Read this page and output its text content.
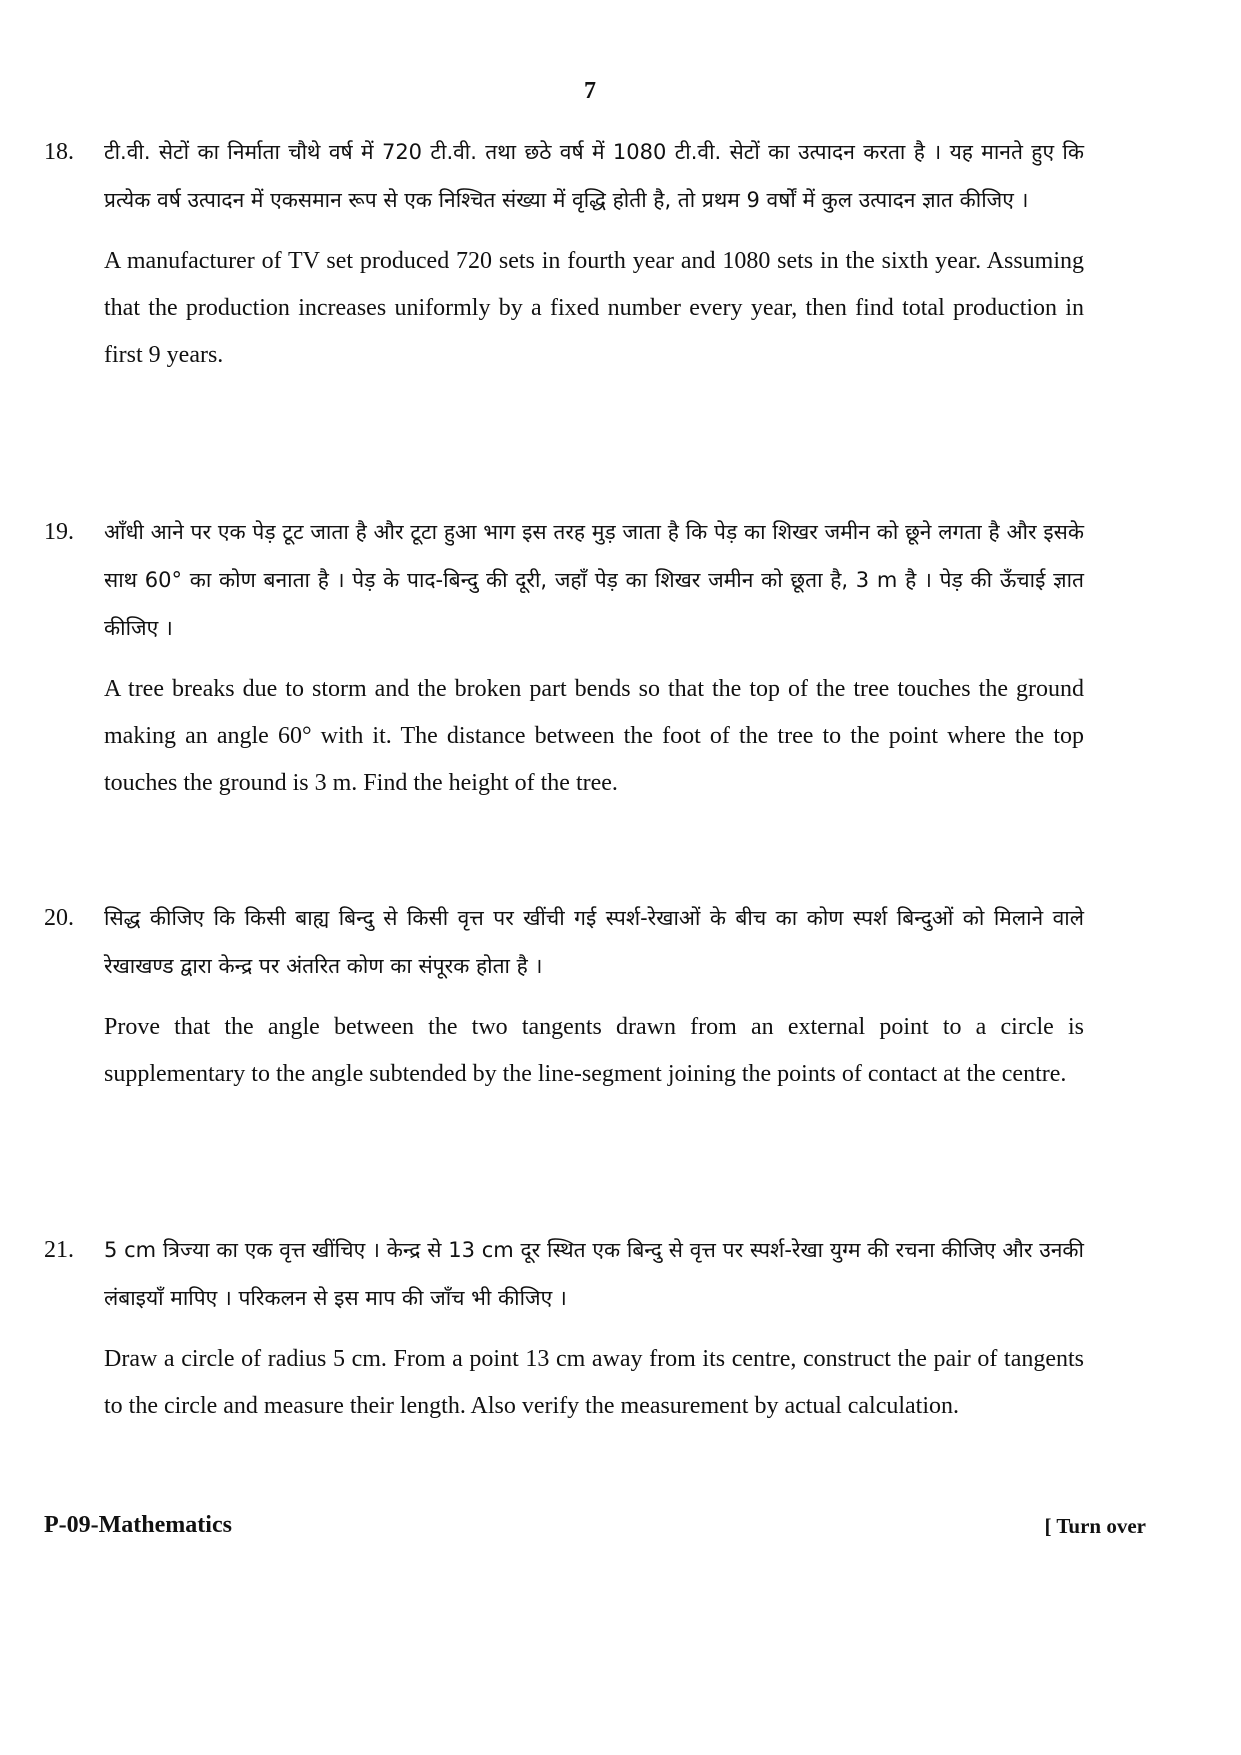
7
18. टी.वी. सेटों का निर्माता चौथे वर्ष में 720 टी.वी. तथा छठे वर्ष में 1080 टी.वी. सेटों का उत्पादन करता है । यह मानते हुए कि प्रत्येक वर्ष उत्पादन में एकसमान रूप से एक निश्चित संख्या में वृद्धि होती है, तो प्रथम 9 वर्षों में कुल उत्पादन ज्ञात कीजिए ।

A manufacturer of TV set produced 720 sets in fourth year and 1080 sets in the sixth year. Assuming that the production increases uniformly by a fixed number every year, then find total production in first 9 years.

19. आँधी आने पर एक पेड़ टूट जाता है और टूटा हुआ भाग इस तरह मुड़ जाता है कि पेड़ का शिखर जमीन को छूने लगता है और इसके साथ 60° का कोण बनाता है । पेड़ के पाद-बिन्दु की दूरी, जहाँ पेड़ का शिखर जमीन को छूता है, 3 m है । पेड़ की ऊँचाई ज्ञात कीजिए ।

A tree breaks due to storm and the broken part bends so that the top of the tree touches the ground making an angle 60° with it. The distance between the foot of the tree to the point where the top touches the ground is 3 m. Find the height of the tree.

20. सिद्ध कीजिए कि किसी बाह्य बिन्दु से किसी वृत्त पर खींची गई स्पर्श-रेखाओं के बीच का कोण स्पर्श बिन्दुओं को मिलाने वाले रेखाखण्ड द्वारा केन्द्र पर अंतरित कोण का संपूरक होता है ।

Prove that the angle between the two tangents drawn from an external point to a circle is supplementary to the angle subtended by the line-segment joining the points of contact at the centre.

21. 5 cm त्रिज्या का एक वृत्त खींचिए । केन्द्र से 13 cm दूर स्थित एक बिन्दु से वृत्त पर स्पर्श-रेखा युग्म की रचना कीजिए और उनकी लंबाइयाँ मापिए । परिकलन से इस माप की जाँच भी कीजिए ।

Draw a circle of radius 5 cm. From a point 13 cm away from its centre, construct the pair of tangents to the circle and measure their length. Also verify the measurement by actual calculation.

P-09-Mathematics	[ Turn over
